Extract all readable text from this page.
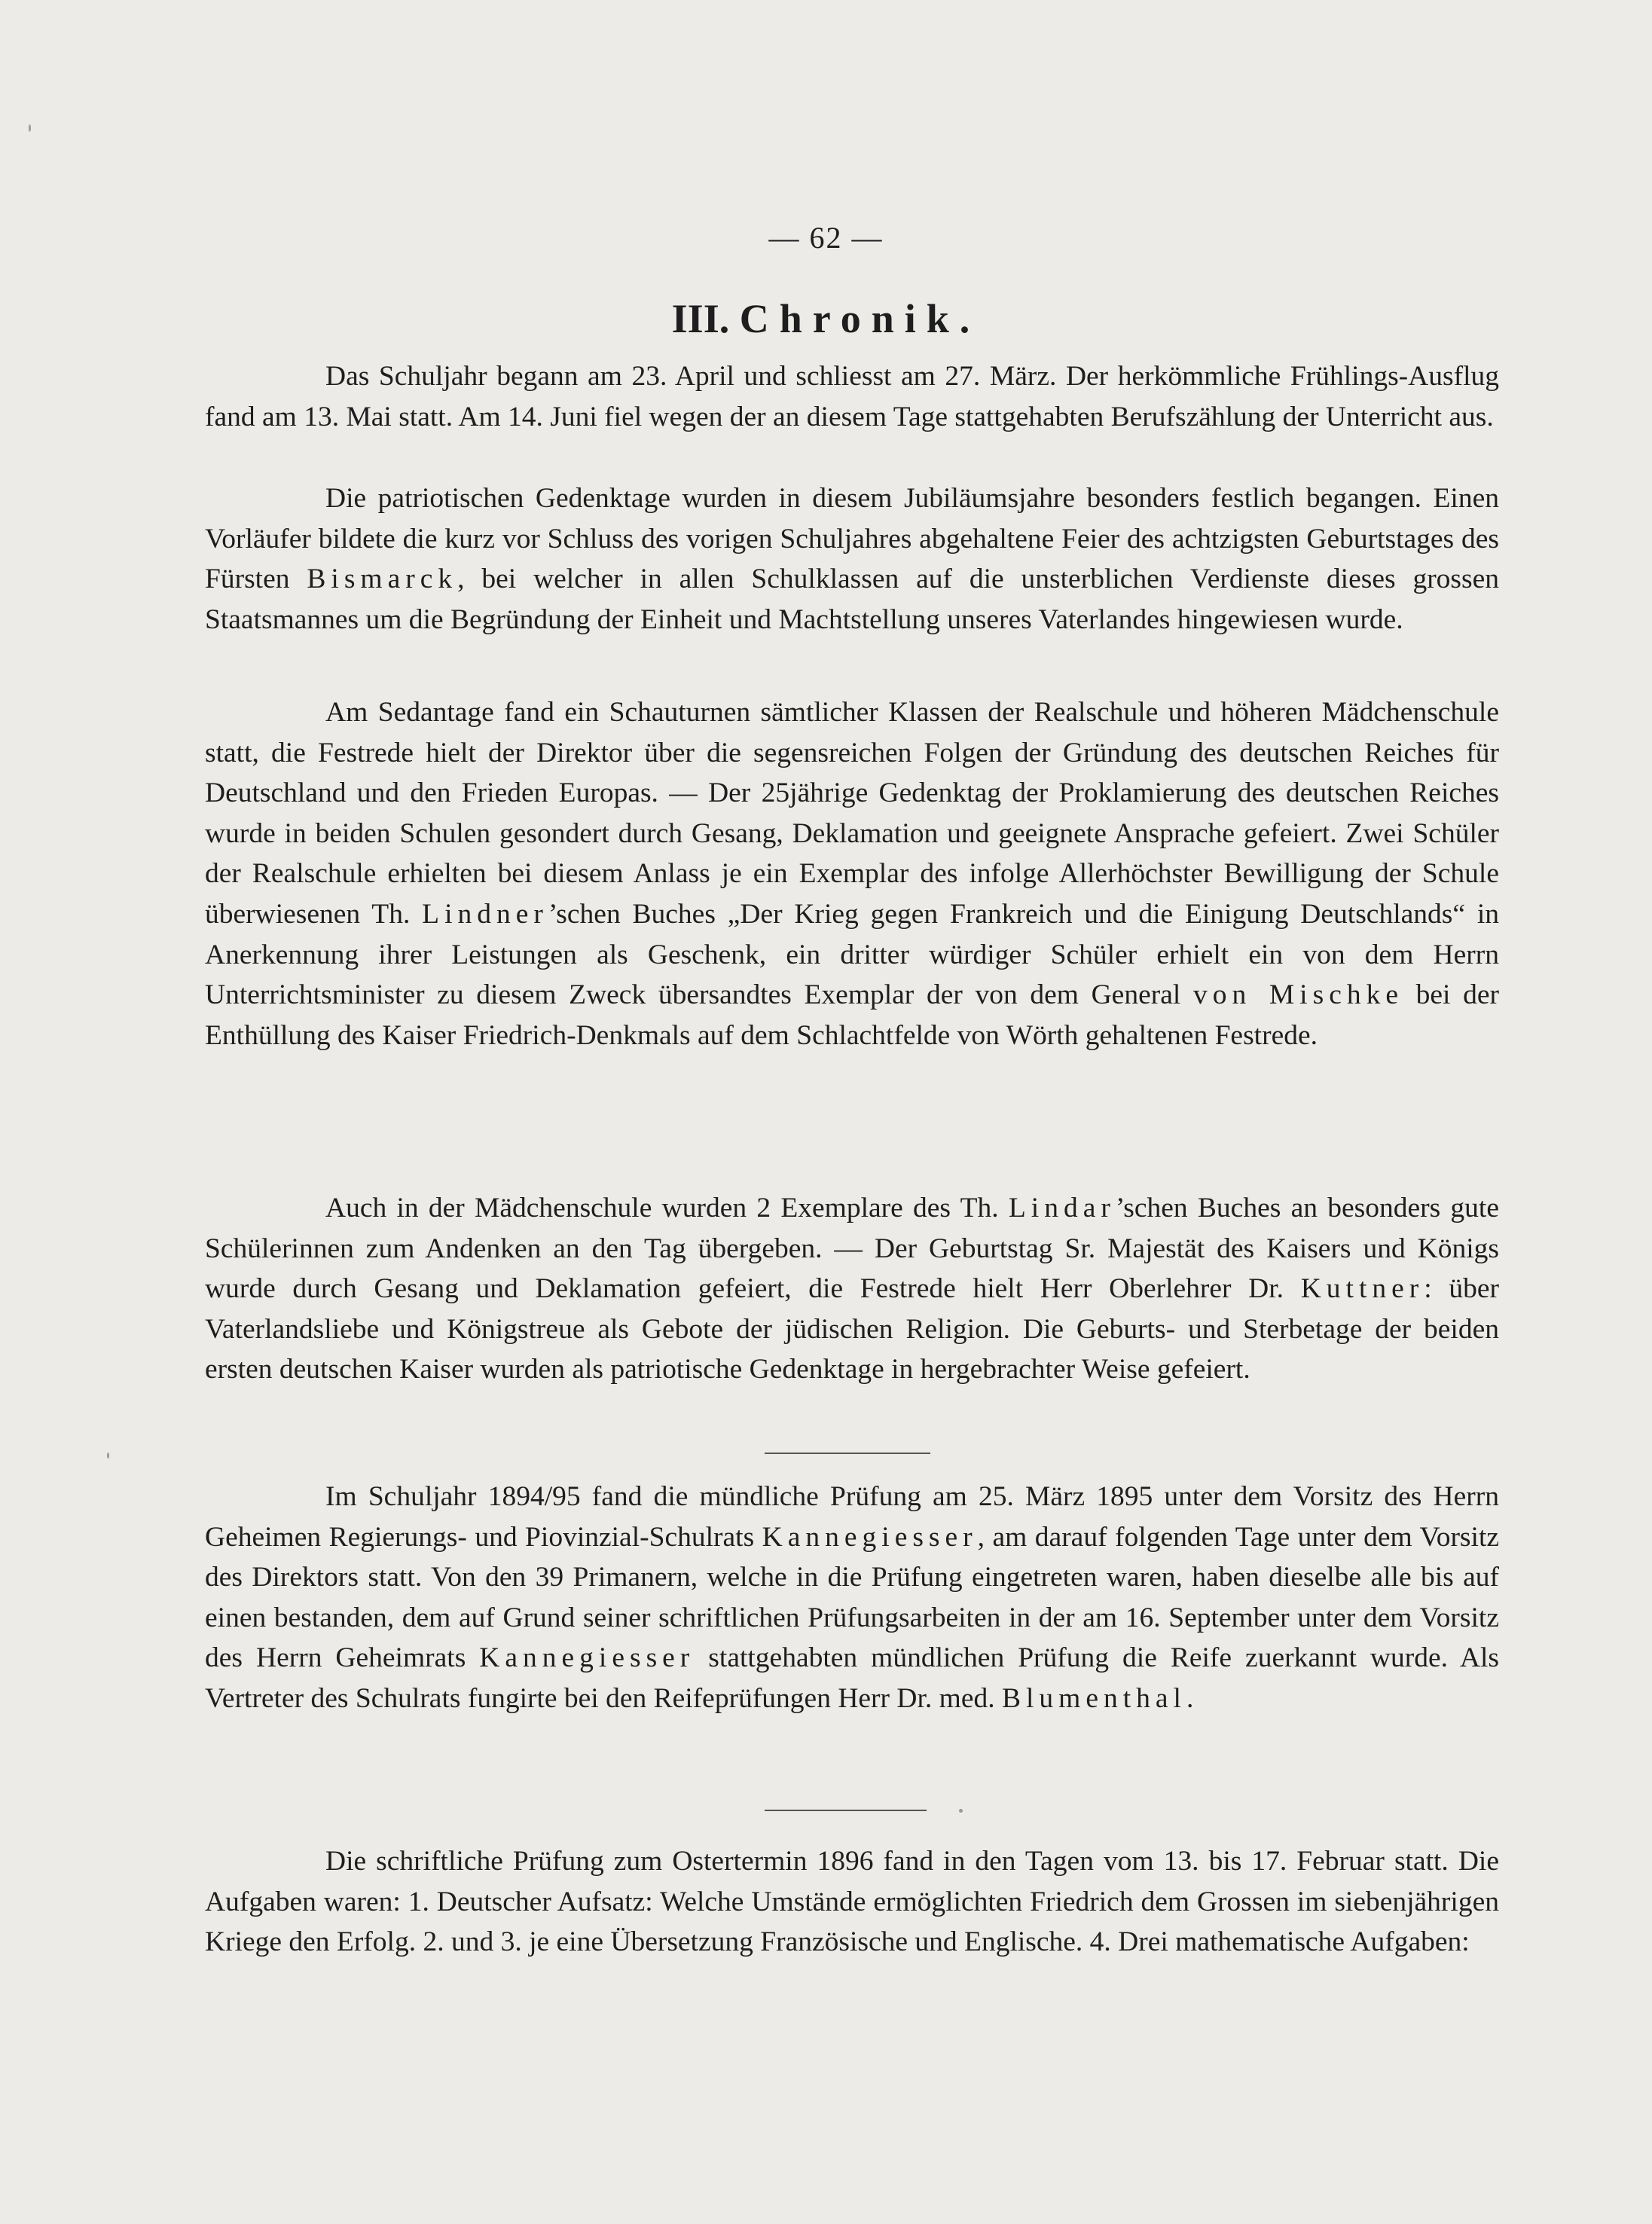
— 62 —
III. Chronik.

Das Schuljahr begann am 23. April und schliesst am 27. März. Der herkömmliche Frühlings-Ausflug fand am 13. Mai statt. Am 14. Juni fiel wegen der an diesem Tage stattgehabten Berufszählung der Unterricht aus.

Die patriotischen Gedenktage wurden in diesem Jubiläumsjahre besonders festlich begangen. Einen Vorläufer bildete die kurz vor Schluss des vorigen Schuljahres abgehaltene Feier des achtzigsten Geburtstages des Fürsten Bismarck, bei welcher in allen Schulklassen auf die unsterblichen Verdienste dieses grossen Staatsmannes um die Begründung der Einheit und Machtstellung unseres Vaterlandes hingewiesen wurde.

Am Sedantage fand ein Schauturnen sämtlicher Klassen der Realschule und höheren Mädchenschule statt, die Festrede hielt der Direktor über die segensreichen Folgen der Gründung des deutschen Reiches für Deutschland und den Frieden Europas. — Der 25jährige Gedenktag der Proklamierung des deutschen Reiches wurde in beiden Schulen gesondert durch Gesang, Deklamation und geeignete Ansprache gefeiert. Zwei Schüler der Realschule erhielten bei diesem Anlass je ein Exemplar des infolge Allerhöchster Bewilligung der Schule überwiesenen Th. Lindner’schen Buches „Der Krieg gegen Frankreich und die Einigung Deutschlands“ in Anerkennung ihrer Leistungen als Geschenk, ein dritter würdiger Schüler erhielt ein von dem Herrn Unterrichtsminister zu diesem Zweck übersandtes Exemplar der von dem General von Mischke bei der Enthüllung des Kaiser Friedrich-Denkmals auf dem Schlachtfelde von Wörth gehaltenen Festrede.

Auch in der Mädchenschule wurden 2 Exemplare des Th. Lindar’schen Buches an besonders gute Schülerinnen zum Andenken an den Tag übergeben. — Der Geburtstag Sr. Majestät des Kaisers und Königs wurde durch Gesang und Deklamation gefeiert, die Festrede hielt Herr Oberlehrer Dr. Kuttner: über Vaterlandsliebe und Königstreue als Gebote der jüdischen Religion. Die Geburts- und Sterbetage der beiden ersten deutschen Kaiser wurden als patriotische Gedenktage in hergebrachter Weise gefeiert.

Im Schuljahr 1894/95 fand die mündliche Prüfung am 25. März 1895 unter dem Vorsitz des Herrn Geheimen Regierungs- und Piovinzial-Schulrats Kannegiesser, am darauf folgenden Tage unter dem Vorsitz des Direktors statt. Von den 39 Primanern, welche in die Prüfung eingetreten waren, haben dieselbe alle bis auf einen bestanden, dem auf Grund seiner schriftlichen Prüfungsarbeiten in der am 16. September unter dem Vorsitz des Herrn Geheimrats Kannegiesser stattgehabten mündlichen Prüfung die Reife zuerkannt wurde. Als Vertreter des Schulrats fungirte bei den Reifeprüfungen Herr Dr. med. Blumenthal.

Die schriftliche Prüfung zum Ostertermin 1896 fand in den Tagen vom 13. bis 17. Februar statt. Die Aufgaben waren: 1. Deutscher Aufsatz: Welche Umstände ermöglichten Friedrich dem Grossen im siebenjährigen Kriege den Erfolg. 2. und 3. je eine Übersetzung Französische und Englische. 4. Drei mathematische Aufgaben:
